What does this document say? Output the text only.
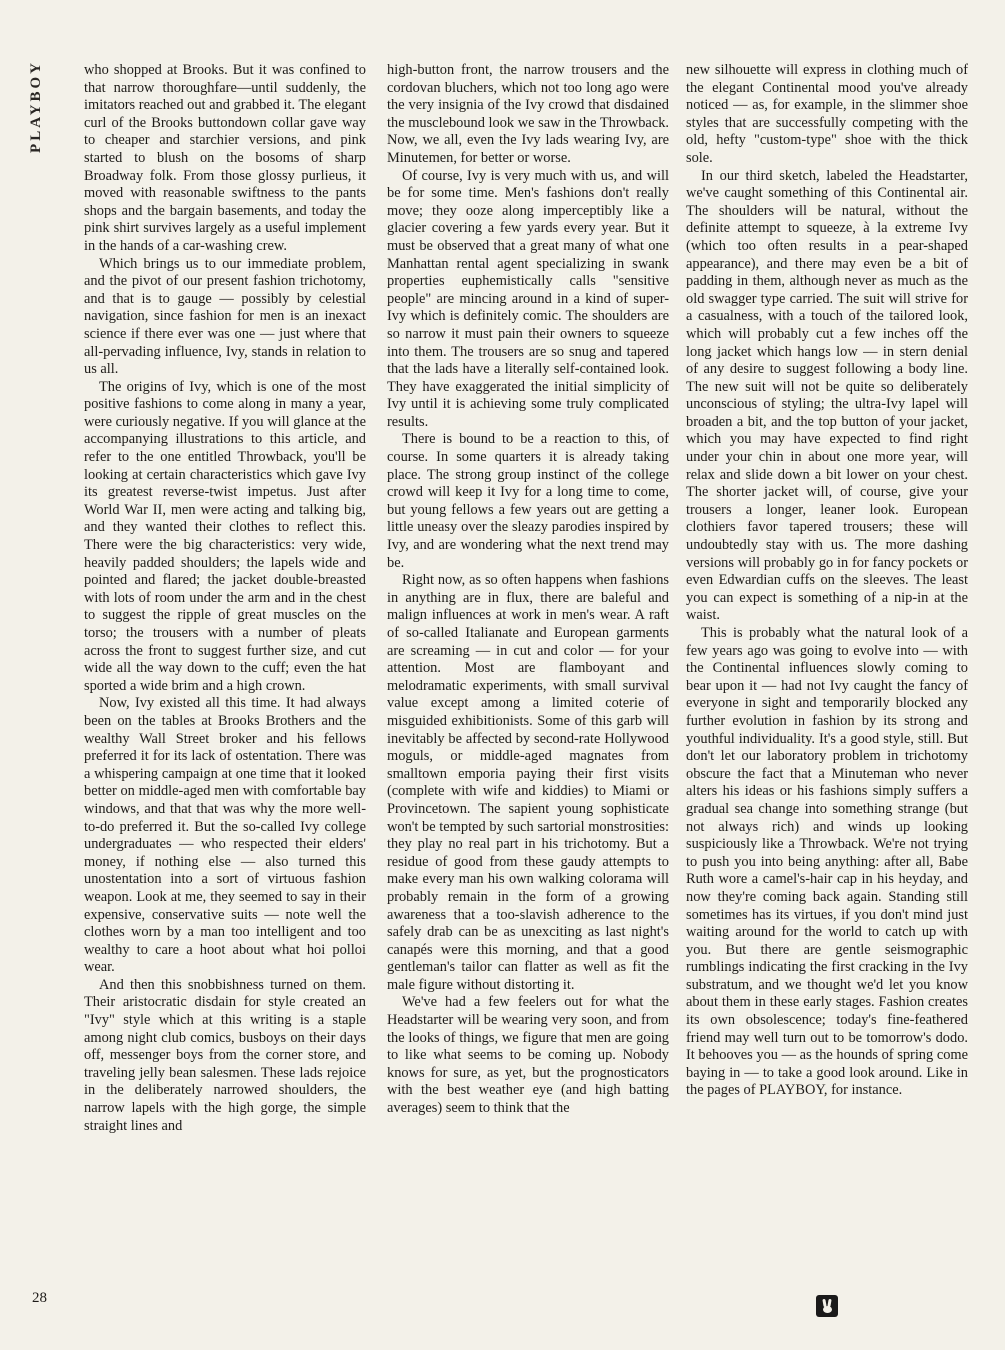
PLAYBOY	who shopped at Brooks. But it was confined to that narrow thoroughfare—until suddenly, the imitators reached out and grabbed it. The elegant curl of the Brooks buttondown collar gave way to cheaper and starchier versions, and pink started to blush on the bosoms of sharp Broadway folk. From those glossy purlieus, it moved with reasonable swiftness to the pants shops and the bargain basements, and today the pink shirt survives largely as a useful implement in the hands of a car-washing crew.

Which brings us to our immediate problem, and the pivot of our present fashion trichotomy, and that is to gauge — possibly by celestial navigation, since fashion for men is an inexact science if there ever was one — just where that all-pervading influence, Ivy, stands in relation to us all.

The origins of Ivy, which is one of the most positive fashions to come along in many a year, were curiously negative. If you will glance at the accompanying illustrations to this article, and refer to the one entitled Throwback, you'll be looking at certain characteristics which gave Ivy its greatest reverse-twist impetus. Just after World War II, men were acting and talking big, and they wanted their clothes to reflect this. There were the big characteristics: very wide, heavily padded shoulders; the lapels wide and pointed and flared; the jacket double-breasted with lots of room under the arm and in the chest to suggest the ripple of great muscles on the torso; the trousers with a number of pleats across the front to suggest further size, and cut wide all the way down to the cuff; even the hat sported a wide brim and a high crown.

Now, Ivy existed all this time. It had always been on the tables at Brooks Brothers and the wealthy Wall Street broker and his fellows preferred it for its lack of ostentation. There was a whispering campaign at one time that it looked better on middle-aged men with comfortable bay windows, and that that was why the more well-to-do preferred it. But the so-called Ivy college undergraduates — who respected their elders' money, if nothing else — also turned this unostentation into a sort of virtuous fashion weapon. Look at me, they seemed to say in their expensive, conservative suits — note well the clothes worn by a man too intelligent and too wealthy to care a hoot about what hoi polloi wear.

And then this snobbishness turned on them. Their aristocratic disdain for style created an "Ivy" style which at this writing is a staple among night club comics, busboys on their days off, messenger boys from the corner store, and traveling jelly bean salesmen. These lads rejoice in the deliberately narrowed shoulders, the narrow lapels with the high gorge, the simple straight lines and

high-button front, the narrow trousers and the cordovan bluchers, which not too long ago were the very insignia of the Ivy crowd that disdained the musclebound look we saw in the Throwback. Now, we all, even the Ivy lads wearing Ivy, are Minutemen, for better or worse.

Of course, Ivy is very much with us, and will be for some time. Men's fashions don't really move; they ooze along imperceptibly like a glacier covering a few yards every year. But it must be observed that a great many of what one Manhattan rental agent specializing in swank properties euphemistically calls "sensitive people" are mincing around in a kind of super-Ivy which is definitely comic. The shoulders are so narrow it must pain their owners to squeeze into them. The trousers are so snug and tapered that the lads have a literally self-contained look. They have exaggerated the initial simplicity of Ivy until it is achieving some truly complicated results.

There is bound to be a reaction to this, of course. In some quarters it is already taking place. The strong group instinct of the college crowd will keep it Ivy for a long time to come, but young fellows a few years out are getting a little uneasy over the sleazy parodies inspired by Ivy, and are wondering what the next trend may be.

Right now, as so often happens when fashions in anything are in flux, there are baleful and malign influences at work in men's wear. A raft of so-called Italianate and European garments are screaming — in cut and color — for your attention. Most are flamboyant and melodramatic experiments, with small survival value except among a limited coterie of misguided exhibitionists. Some of this garb will inevitably be affected by second-rate Hollywood moguls, or middle-aged magnates from smalltown emporia paying their first visits (complete with wife and kiddies) to Miami or Provincetown. The sapient young sophisticate won't be tempted by such sartorial monstrosities: they play no real part in his trichotomy. But a residue of good from these gaudy attempts to make every man his own walking colorama will probably remain in the form of a growing awareness that a too-slavish adherence to the safely drab can be as unexciting as last night's canapés were this morning, and that a good gentleman's tailor can flatter as well as fit the male figure without distorting it.

We've had a few feelers out for what the Headstarter will be wearing very soon, and from the looks of things, we figure that men are going to like what seems to be coming up. Nobody knows for sure, as yet, but the prognosticators with the best weather eye (and high batting averages) seem to think that the

new silhouette will express in clothing much of the elegant Continental mood you've already noticed — as, for example, in the slimmer shoe styles that are successfully competing with the old, hefty "custom-type" shoe with the thick sole.

In our third sketch, labeled the Headstarter, we've caught something of this Continental air. The shoulders will be natural, without the definite attempt to squeeze, à la extreme Ivy (which too often results in a pear-shaped appearance), and there may even be a bit of padding in them, although never as much as the old swagger type carried. The suit will strive for a casualness, with a touch of the tailored look, which will probably cut a few inches off the long jacket which hangs low — in stern denial of any desire to suggest following a body line. The new suit will not be quite so deliberately unconscious of styling; the ultra-Ivy lapel will broaden a bit, and the top button of your jacket, which you may have expected to find right under your chin in about one more year, will relax and slide down a bit lower on your chest. The shorter jacket will, of course, give your trousers a longer, leaner look. European clothiers favor tapered trousers; these will undoubtedly stay with us. The more dashing versions will probably go in for fancy pockets or even Edwardian cuffs on the sleeves. The least you can expect is something of a nip-in at the waist.

This is probably what the natural look of a few years ago was going to evolve into — with the Continental influences slowly coming to bear upon it — had not Ivy caught the fancy of everyone in sight and temporarily blocked any further evolution in fashion by its strong and youthful individuality. It's a good style, still. But don't let our laboratory problem in trichotomy obscure the fact that a Minuteman who never alters his ideas or his fashions simply suffers a gradual sea change into something strange (but not always rich) and winds up looking suspiciously like a Throwback. We're not trying to push you into being anything: after all, Babe Ruth wore a camel's-hair cap in his heyday, and now they're coming back again. Standing still sometimes has its virtues, if you don't mind just waiting around for the world to catch up with you. But there are gentle seismographic rumblings indicating the first cracking in the Ivy substratum, and we thought we'd let you know about them in these early stages. Fashion creates its own obsolescence; today's fine-feathered friend may well turn out to be tomorrow's dodo. It behooves you — as the hounds of spring come baying in — to take a good look around. Like in the pages of PLAYBOY, for instance.

28
